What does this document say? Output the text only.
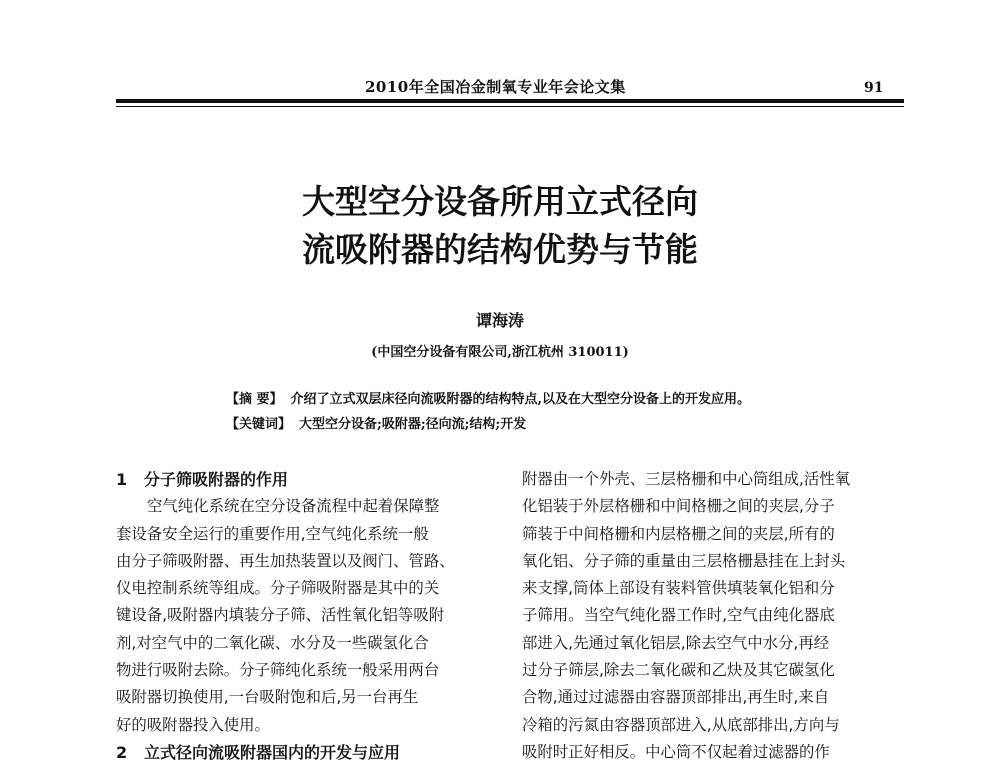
2010年全国冶金制氧专业年会论文集	91
大型空分设备所用立式径向
流吸附器的结构优势与节能
谭海涛
(中国空分设备有限公司,浙江杭州 310011)
【摘 要】 介绍了立式双层床径向流吸附器的结构特点,以及在大型空分设备上的开发应用。
【关键词】 大型空分设备;吸附器;径向流;结构;开发
1 分子筛吸附器的作用
空气纯化系统在空分设备流程中起着保障整
套设备安全运行的重要作用,空气纯化系统一般
由分子筛吸附器、再生加热装置以及阀门、管路、
仪电控制系统等组成。分子筛吸附器是其中的关
键设备,吸附器内填装分子筛、活性氧化铝等吸附
剂,对空气中的二氧化碳、水分及一些碳氢化合
物进行吸附去除。分子筛纯化系统一般采用两台
吸附器切换使用,一台吸附饱和后,另一台再生
好的吸附器投入使用。
2 立式径向流吸附器国内的开发与应用
附器由一个外壳、三层格栅和中心筒组成,活性氧
化铝装于外层格栅和中间格栅之间的夹层,分子
筛装于中间格栅和内层格栅之间的夹层,所有的
氧化铝、分子筛的重量由三层格栅悬挂在上封头
来支撑,筒体上部设有装料管供填装氧化铝和分
子筛用。当空气纯化器工作时,空气由纯化器底
部进入,先通过氧化铝层,除去空气中水分,再经
过分子筛层,除去二氧化碳和乙炔及其它碳氢化
合物,通过过滤器由容器顶部排出,再生时,来自
冷箱的污氮由容器顶部进入,从底部排出,方向与
吸附时正好相反。中心筒不仅起着过滤器的作
